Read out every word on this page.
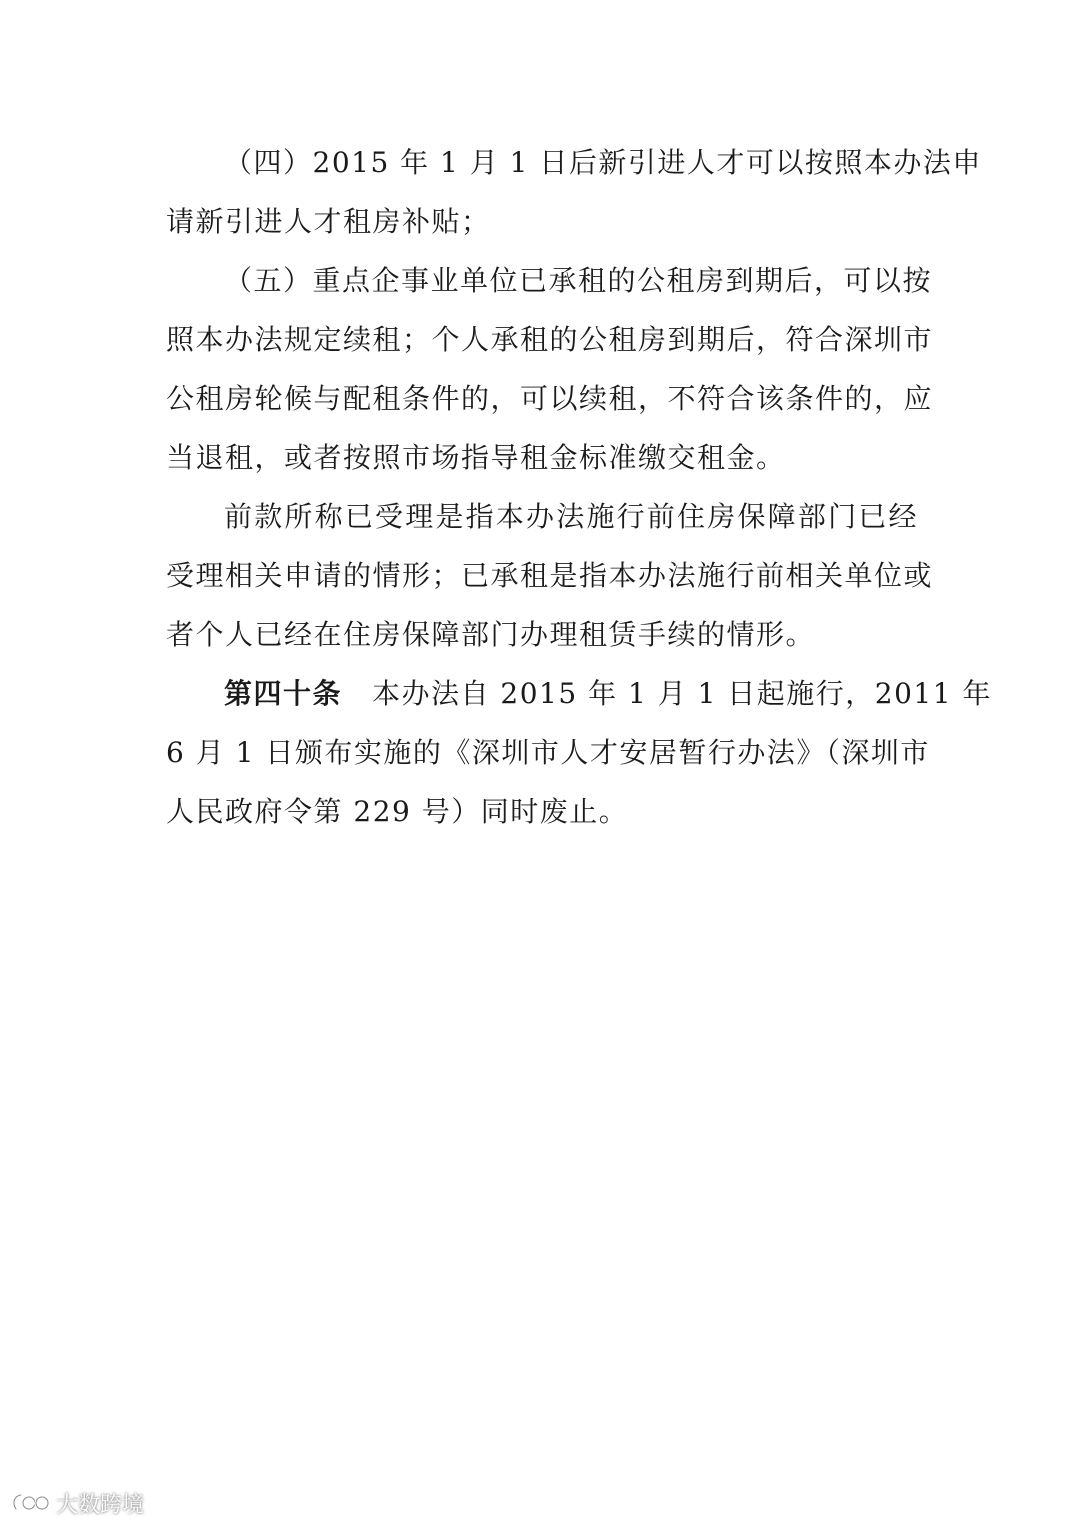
（四）2015 年 1 月 1 日后新引进人才可以按照本办法申
请新引进人才租房补贴；
（五）重点企事业单位已承租的公租房到期后，可以按
照本办法规定续租；个人承租的公租房到期后，符合深圳市
公租房轮候与配租条件的，可以续租，不符合该条件的，应
当退租，或者按照市场指导租金标准缴交租金。
前款所称已受理是指本办法施行前住房保障部门已经
受理相关申请的情形；已承租是指本办法施行前相关单位或
者个人已经在住房保障部门办理租赁手续的情形。
第四十条 本办法自 2015 年 1 月 1 日起施行，2011 年
6 月 1 日颁布实施的《深圳市人才安居暂行办法》（深圳市
人民政府令第 229 号）同时废止。
大数跨境
